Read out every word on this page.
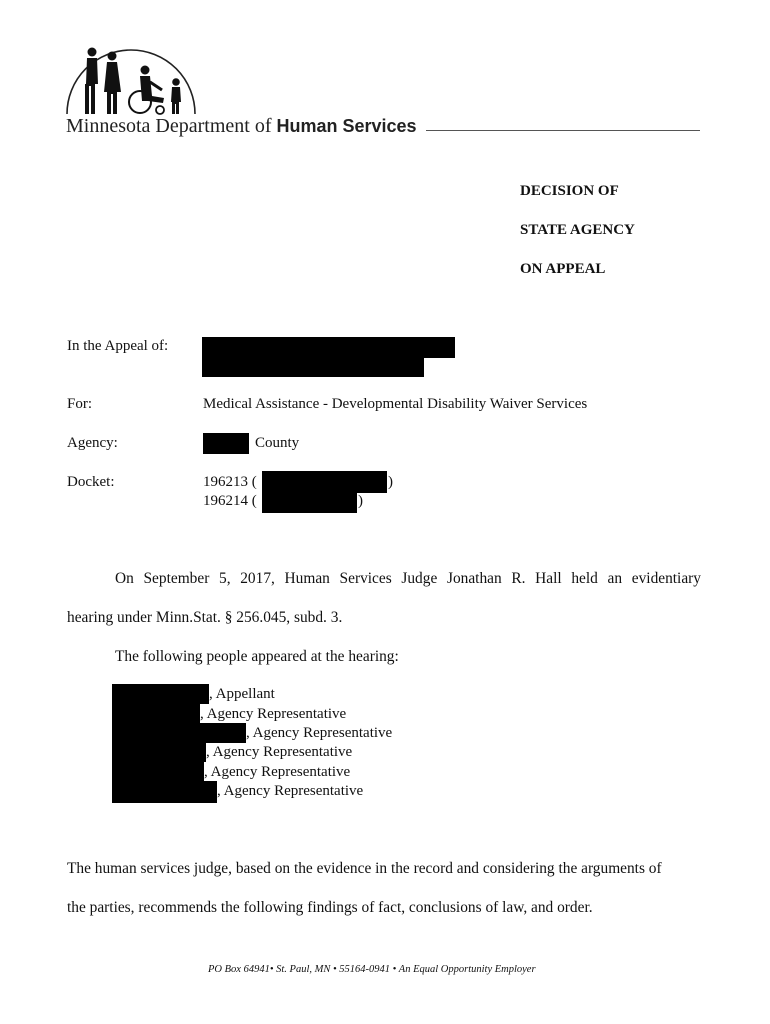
Minnesota Department of Human Services
DECISION OF
STATE AGENCY
ON APPEAL
In the Appeal of:
For:	Medical Assistance - Developmental Disability Waiver Services
Agency:	County
Docket:	196213 (	)
196214 (	)
On September 5, 2017, Human Services Judge Jonathan R. Hall held an evidentiary
hearing under Minn.Stat. § 256.045, subd. 3.
The following people appeared at the hearing:
, Appellant
, Agency Representative
, Agency Representative
, Agency Representative
, Agency Representative
, Agency Representative
The human services judge, based on the evidence in the record and considering the arguments of
the parties, recommends the following findings of fact, conclusions of law, and order.
PO Box 64941• St. Paul, MN • 55164-0941 • An Equal Opportunity Employer
